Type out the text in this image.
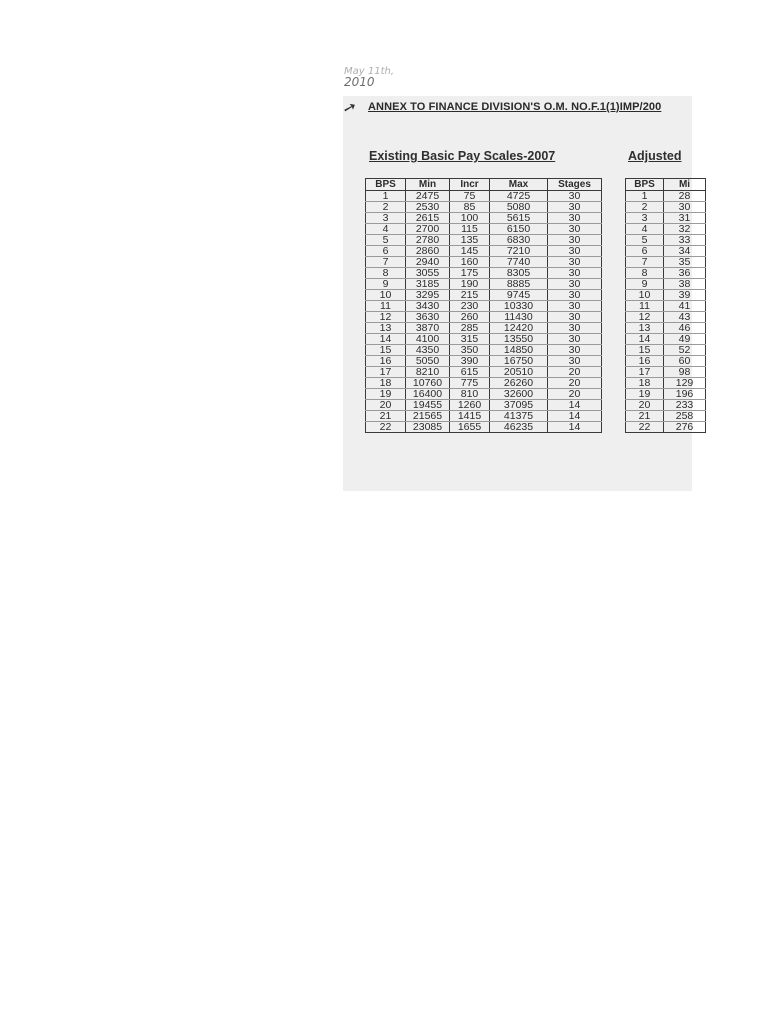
May 11th,
2010
➚ ANNEX TO FINANCE DIVISION'S O.M. NO.F.1(1)IMP/200
Existing Basic Pay Scales-2007	Adjusted
BPS	Min	Incr	Max	Stages
1	2475	75	4725	30
2	2530	85	5080	30
3	2615	100	5615	30
4	2700	115	6150	30
5	2780	135	6830	30
6	2860	145	7210	30
7	2940	160	7740	30
8	3055	175	8305	30
9	3185	190	8885	30
10	3295	215	9745	30
11	3430	230	10330	30
12	3630	260	11430	30
13	3870	285	12420	30
14	4100	315	13550	30
15	4350	350	14850	30
16	5050	390	16750	30
17	8210	615	20510	20
18	10760	775	26260	20
19	16400	810	32600	20
20	19455	1260	37095	14
21	21565	1415	41375	14
22	23085	1655	46235	14
BPS	Mi
1	28
2	30
3	31
4	32
5	33
6	34
7	35
8	36
9	38
10	39
11	41
12	43
13	46
14	49
15	52
16	60
17	98
18	129
19	196
20	233
21	258
22	276
